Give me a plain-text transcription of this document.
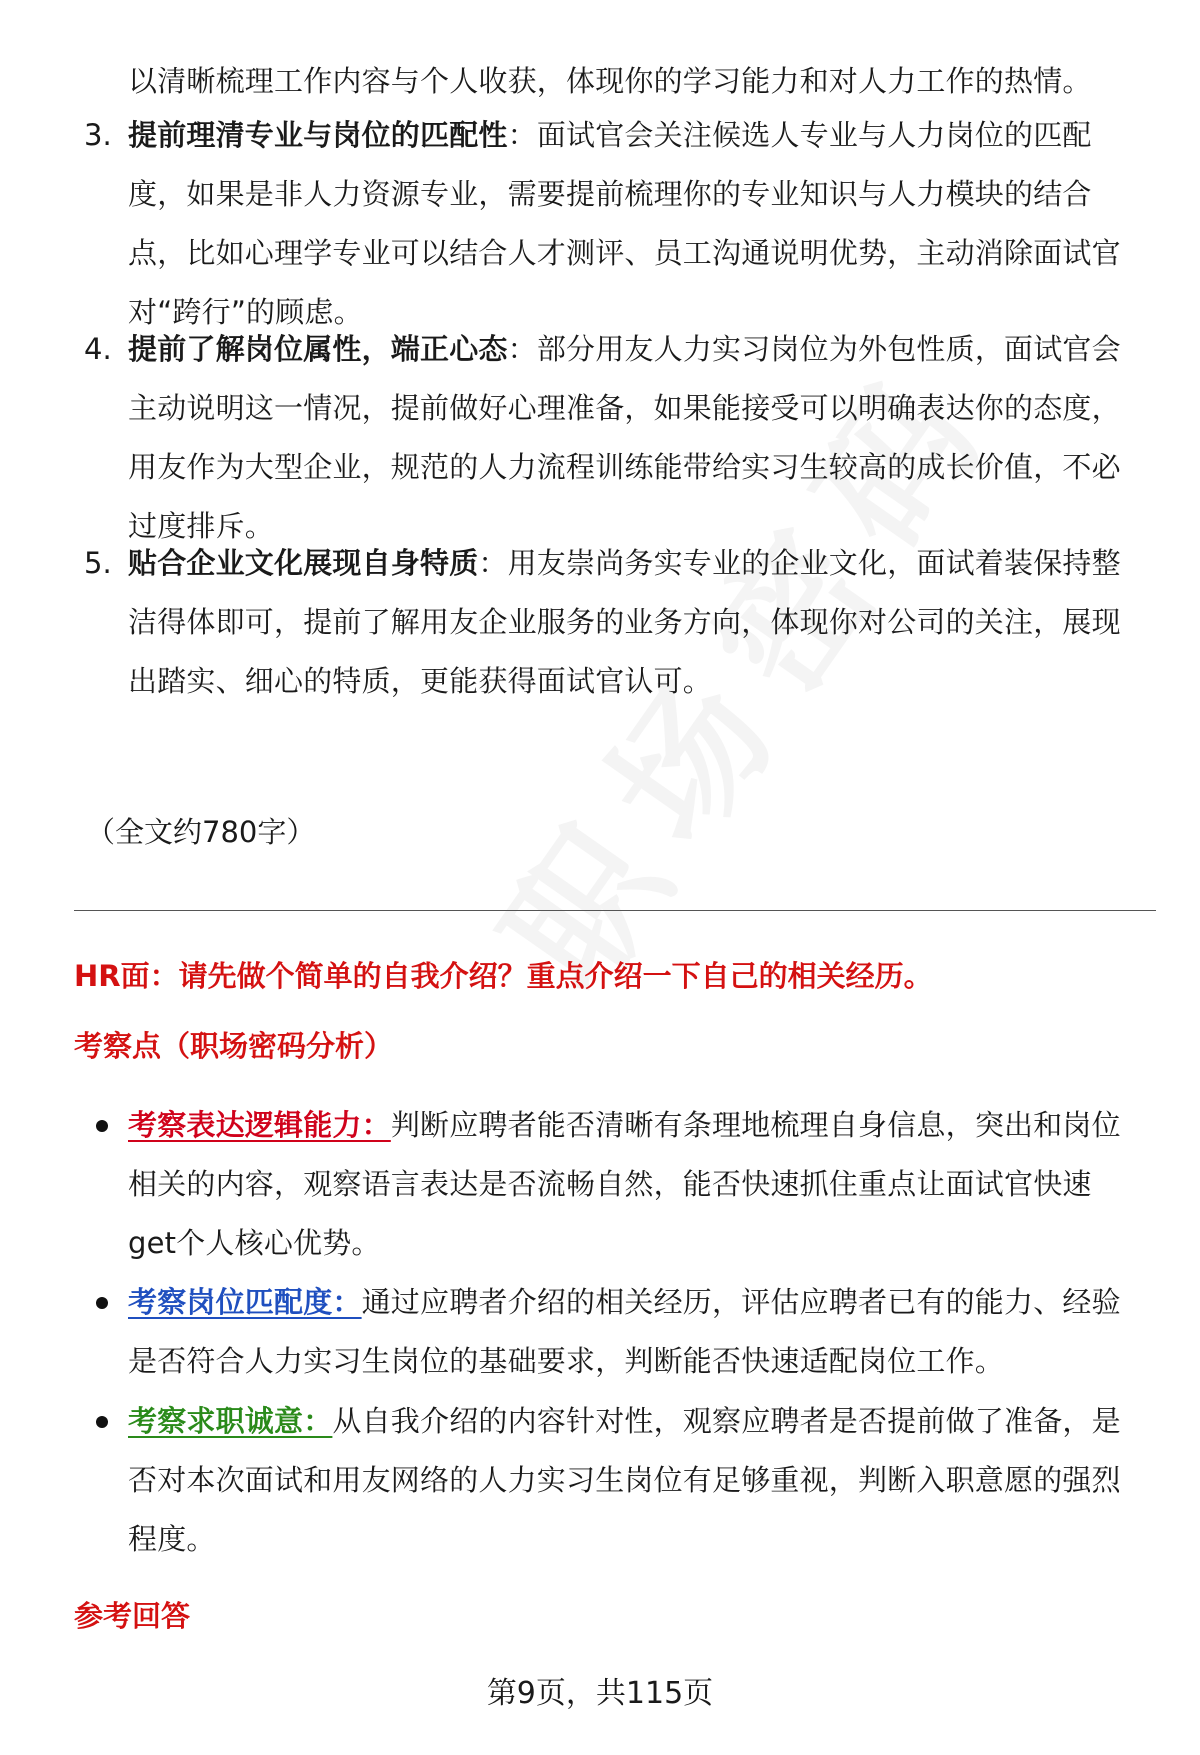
以清晰梳理工作内容与个人收获，体现你的学习能力和对人力工作的热情。
3. 提前理清专业与岗位的匹配性：面试官会关注候选人专业与人力岗位的匹配
度，如果是非人力资源专业，需要提前梳理你的专业知识与人力模块的结合
点，比如心理学专业可以结合人才测评、员工沟通说明优势，主动消除面试官
对“跨行”的顾虑。
4. 提前了解岗位属性，端正心态：部分用友人力实习岗位为外包性质，面试官会
主动说明这一情况，提前做好心理准备，如果能接受可以明确表达你的态度，
用友作为大型企业，规范的人力流程训练能带给实习生较高的成长价值，不必
过度排斥。
5. 贴合企业文化展现自身特质：用友崇尚务实专业的企业文化，面试着装保持整
洁得体即可，提前了解用友企业服务的业务方向，体现你对公司的关注，展现
出踏实、细心的特质，更能获得面试官认可。
（全文约780字）
HR面：请先做个简单的自我介绍？重点介绍一下自己的相关经历。
考察点（职场密码分析）
考察表达逻辑能力：判断应聘者能否清晰有条理地梳理自身信息，突出和岗位
相关的内容，观察语言表达是否流畅自然，能否快速抓住重点让面试官快速
get个人核心优势。
考察岗位匹配度：通过应聘者介绍的相关经历，评估应聘者已有的能力、经验
是否符合人力实习生岗位的基础要求，判断能否快速适配岗位工作。
考察求职诚意：从自我介绍的内容针对性，观察应聘者是否提前做了准备，是
否对本次面试和用友网络的人力实习生岗位有足够重视，判断入职意愿的强烈
程度。
参考回答
第9页，共115页
